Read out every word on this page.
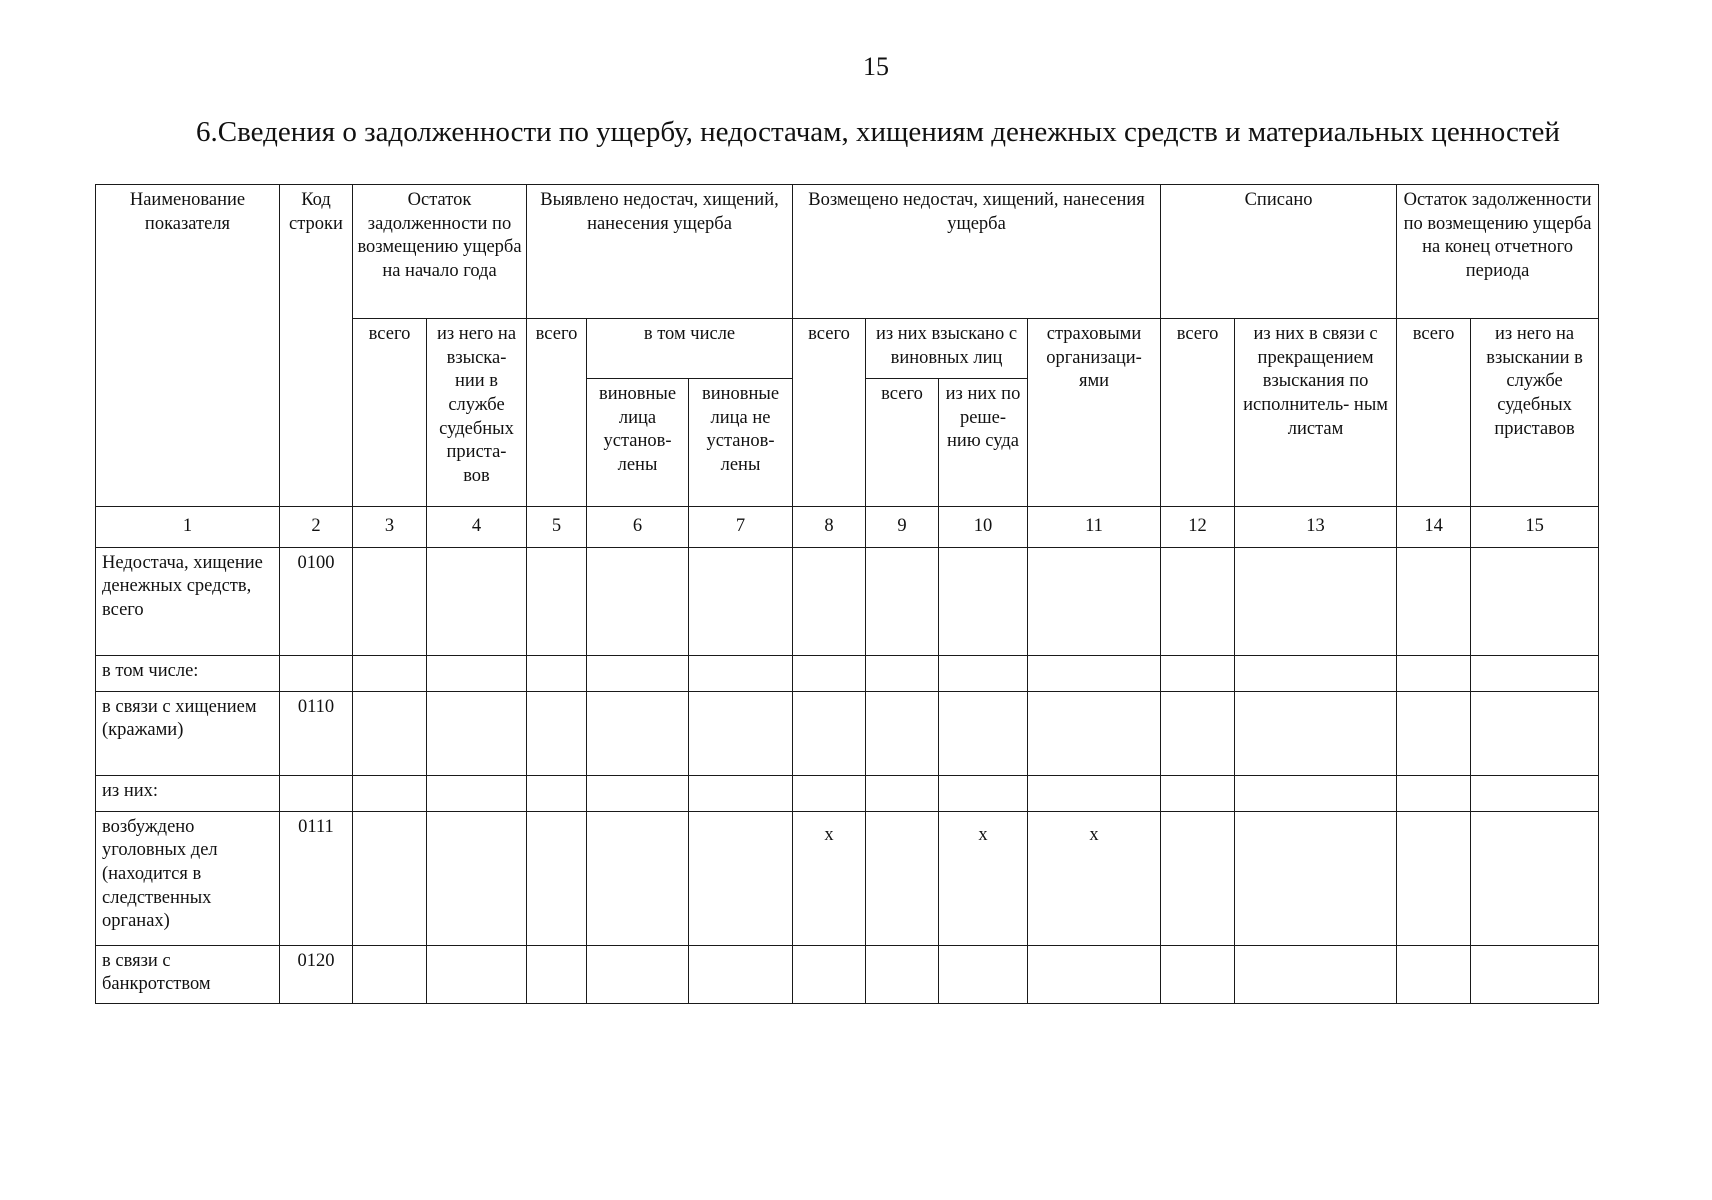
15
6.Сведения о задолженности по ущербу, недостачам, хищениям денежных средств и материальных ценностей
Наименование показателя	Код строки	Остаток задолженности по возмещению ущерба на начало года		Выявлено недостач, хищений, нанесения ущерба			Возмещено недостач, хищений, нанесения ущерба				Списано		Остаток задолженности по возмещению ущерба на конец отчетного периода	
		всего	из него на взыска- нии в службе судебных приста- вов	всего	в том числе		всего	из них взыскано с виновных лиц		страховыми организаци- ями	всего	из них в связи с прекращением взыскания по исполнитель- ным листам	всего	из него на взыскании в службе судебных приставов
					виновные лица установ- лены	виновные лица не установ- лены		всего	из них по реше- нию суда					
1	2	3	4	5	6	7	8	9	10	11	12	13	14	15
Недостача, хищение денежных средств, всего	0100													
в том числе:														
в связи с хищением (кражами)	0110													
из них:														
возбуждено уголовных дел (находится в следственных органах)	0111						x		x	x				
в связи с банкротством	0120													
